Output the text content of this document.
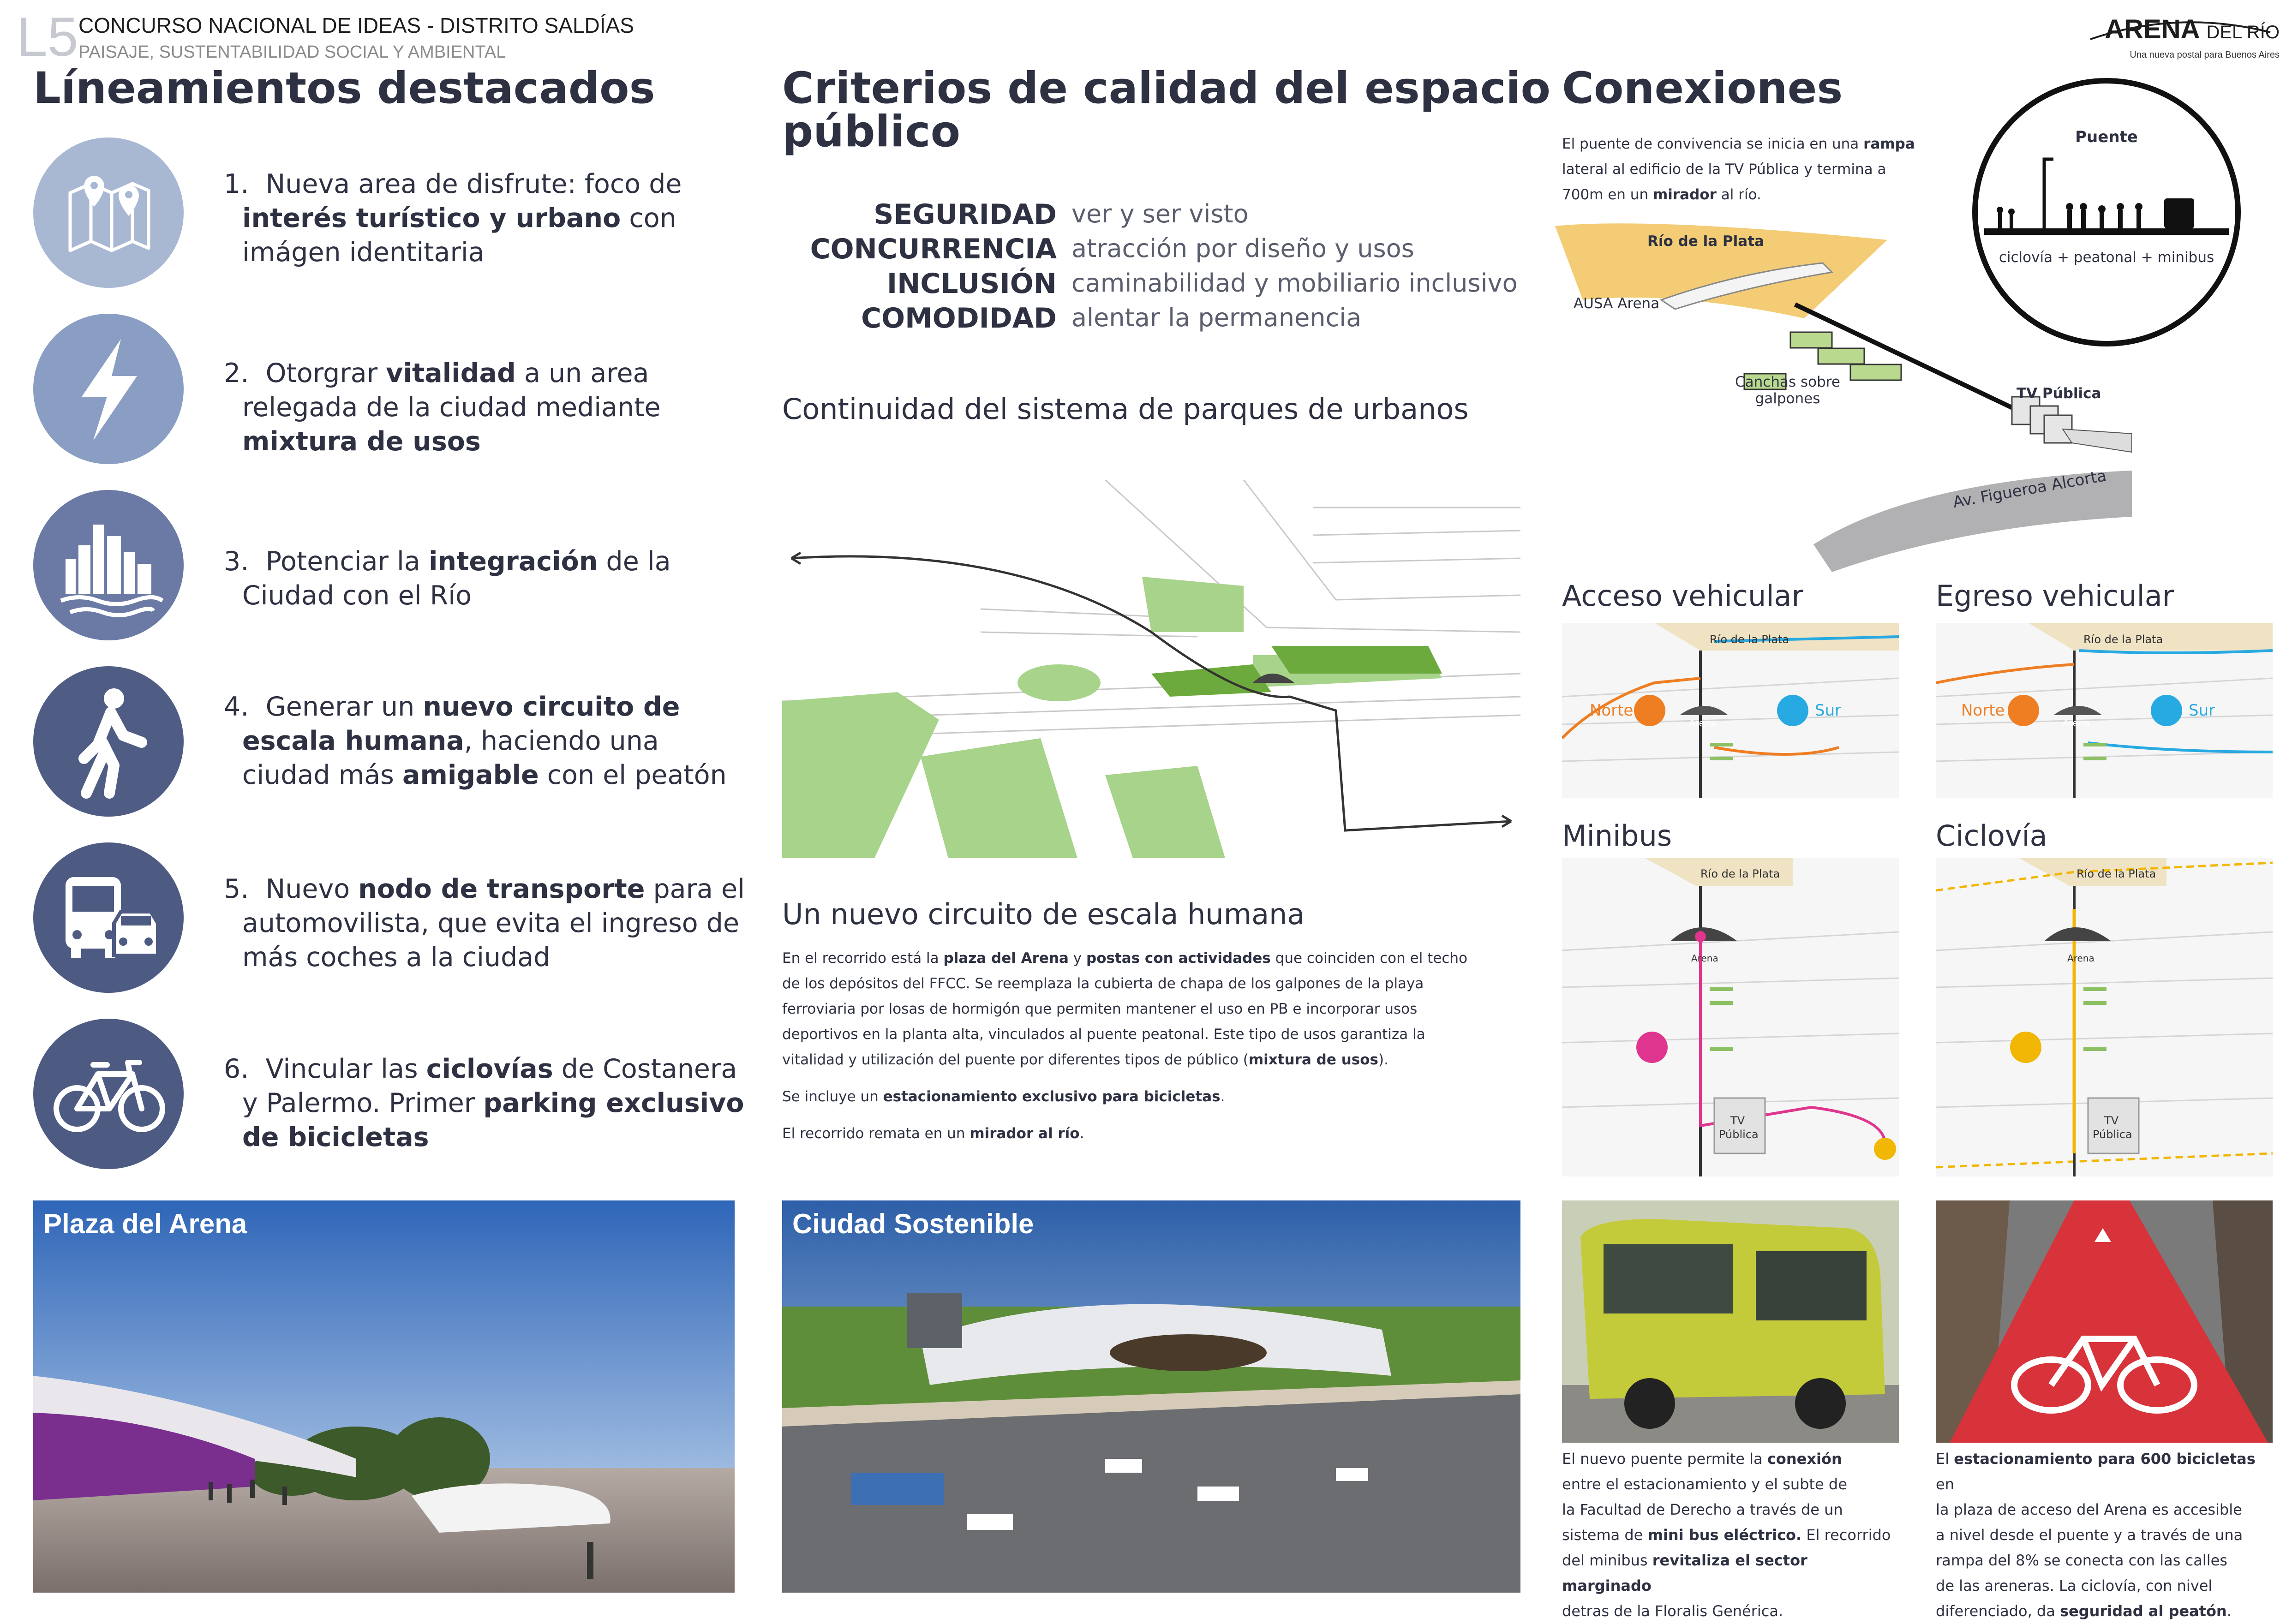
L5 CONCURSO NACIONAL DE IDEAS - DISTRITO SALDÍAS
PAISAJE, SUSTENTABILIDAD SOCIAL Y AMBIENTAL
ARENA DEL RÍO
Una nueva postal para Buenos Aires
Líneamientos destacados
1. Nueva area de disfrute: foco de
interés turístico y urbano con
imágen identitaria
2. Otorgrar vitalidad a un area
relegada de la ciudad mediante
mixtura de usos
3. Potenciar la integración de la
Ciudad con el Río
4. Generar un nuevo circuito de
escala humana, haciendo una
ciudad más amigable con el peatón
5. Nuevo nodo de transporte para el
automovilista, que evita el ingreso de
más coches a la ciudad
6. Vincular las ciclovías de Costanera
y Palermo. Primer parking exclusivo
de bicicletas
Plaza del Arena
Criterios de calidad del espacio
público
SEGURIDAD ver y ser visto
CONCURRENCIA atracción por diseño y usos
INCLUSIÓN caminabilidad y mobiliario inclusivo
COMODIDAD alentar la permanencia
Continuidad del sistema de parques de urbanos
Un nuevo circuito de escala humana
En el recorrido está la plaza del Arena y postas con actividades que coinciden con el techo
de los depósitos del FFCC. Se reemplaza la cubierta de chapa de los galpones de la playa
ferroviaria por losas de hormigón que permiten mantener el uso en PB e incorporar usos
deportivos en la planta alta, vinculados al puente peatonal. Este tipo de usos garantiza la
vitalidad y utilización del puente por diferentes tipos de público (mixtura de usos).
Se incluye un estacionamiento exclusivo para bicicletas.
El recorrido remata en un mirador al río.
Ciudad Sostenible
Conexiones
El puente de convivencia se inicia en una rampa
lateral al edificio de la TV Pública y termina a
700m en un mirador al río.
Río de la Plata
AUSA Arena
Canchas sobre
galpones	TV Pública
Av. Figueroa Alcorta
Puente
ciclovía + peatonal + minibus
Acceso vehicular
Río de la Plata
Norte	Sur
Arena
Egreso vehicular
Río de la Plata
Norte	Sur
Arena
Minibus
Río de la Plata
Arena
TV
Pública
Ciclovía
Río de la Plata
Arena
TV
Pública
El nuevo puente permite la conexión
entre el estacionamiento y el subte de
la Facultad de Derecho a través de un
sistema de mini bus eléctrico. El recorrido
del minibus revitaliza el sector marginado
detras de la Floralis Genérica.
El estacionamiento para 600 bicicletas en
la plaza de acceso del Arena es accesible
a nivel desde el puente y a través de una
rampa del 8% se conecta con las calles
de las areneras. La ciclovía, con nivel
diferenciado, da seguridad al peatón.
